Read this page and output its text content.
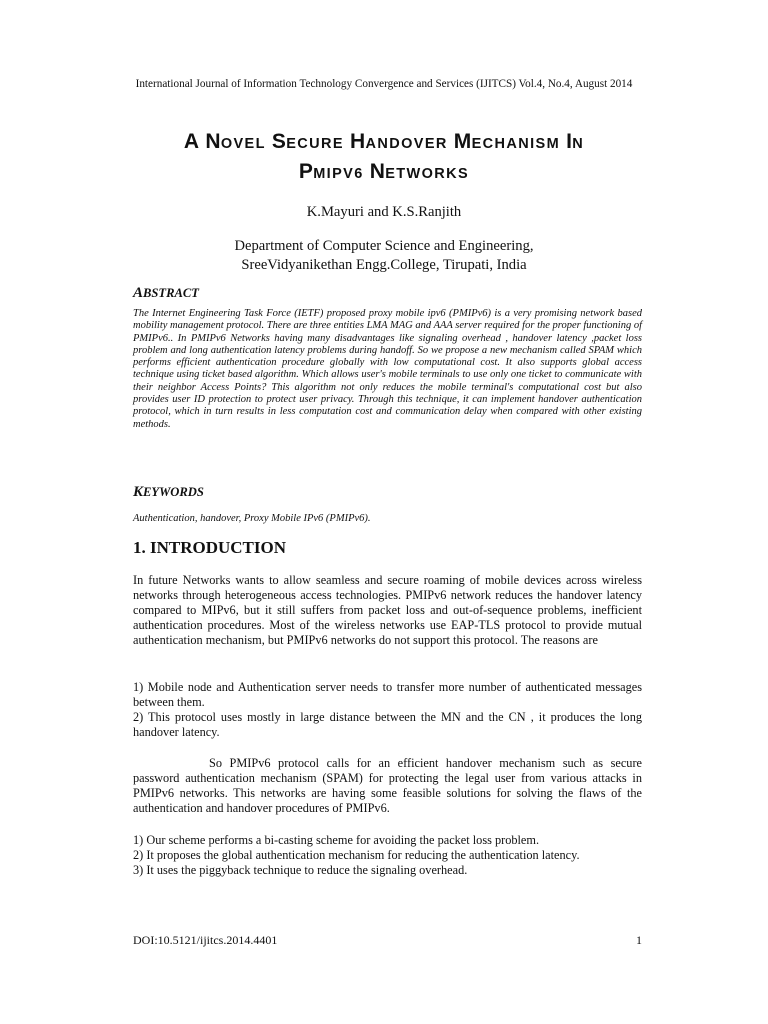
International Journal of Information Technology Convergence and Services (IJITCS) Vol.4, No.4, August 2014
A NOVEL SECURE HANDOVER MECHANISM IN
PMIPV6 NETWORKS
K.Mayuri and K.S.Ranjith
Department of Computer Science and Engineering,
SreeVidyanikethan Engg.College, Tirupati, India
ABSTRACT

The Internet Engineering Task Force (IETF) proposed proxy mobile ipv6 (PMIPv6) is a very promising network based mobility management protocol. There are three entities LMA MAG and AAA server required for the proper functioning of PMIPv6.. In PMIPv6 Networks having many disadvantages like signaling overhead , handover latency ,packet loss problem and long authentication latency problems during handoff. So we propose a new mechanism called SPAM which performs efficient authentication procedure globally with low computational cost. It also supports global access technique using ticket based algorithm. Which allows user's mobile terminals to use only one ticket to communicate with their neighbor Access Points? This algorithm not only reduces the mobile terminal's computational cost but also provides user ID protection to protect user privacy. Through this technique, it can implement handover authentication protocol, which in turn results in less computation cost and communication delay when compared with other existing methods.

KEYWORDS

Authentication, handover, Proxy Mobile IPv6 (PMIPv6).

1. INTRODUCTION

In future Networks wants to allow seamless and secure roaming of mobile devices across wireless networks through heterogeneous access technologies. PMIPv6 network reduces the handover latency compared to MIPv6, but it still suffers from packet loss and out-of-sequence problems, inefficient authentication procedures. Most of the wireless networks use EAP-TLS protocol to provide mutual authentication mechanism, but PMIPv6 networks do not support this protocol. The reasons are

1) Mobile node and Authentication server needs to transfer more number of authenticated messages between them.

2) This protocol uses mostly in large distance between the MN and the CN , it produces the long handover latency.

So PMIPv6 protocol calls for an efficient handover mechanism such as secure password authentication mechanism (SPAM) for protecting the legal user from various attacks in PMIPv6 networks. This networks are having some feasible solutions for solving the flaws of the authentication and handover procedures of PMIPv6.

1) Our scheme performs a bi-casting scheme for avoiding the packet loss problem.

2) It proposes the global authentication mechanism for reducing the authentication latency.

3) It uses the piggyback technique to reduce the signaling overhead.

DOI:10.5121/ijitcs.2014.4401	1
